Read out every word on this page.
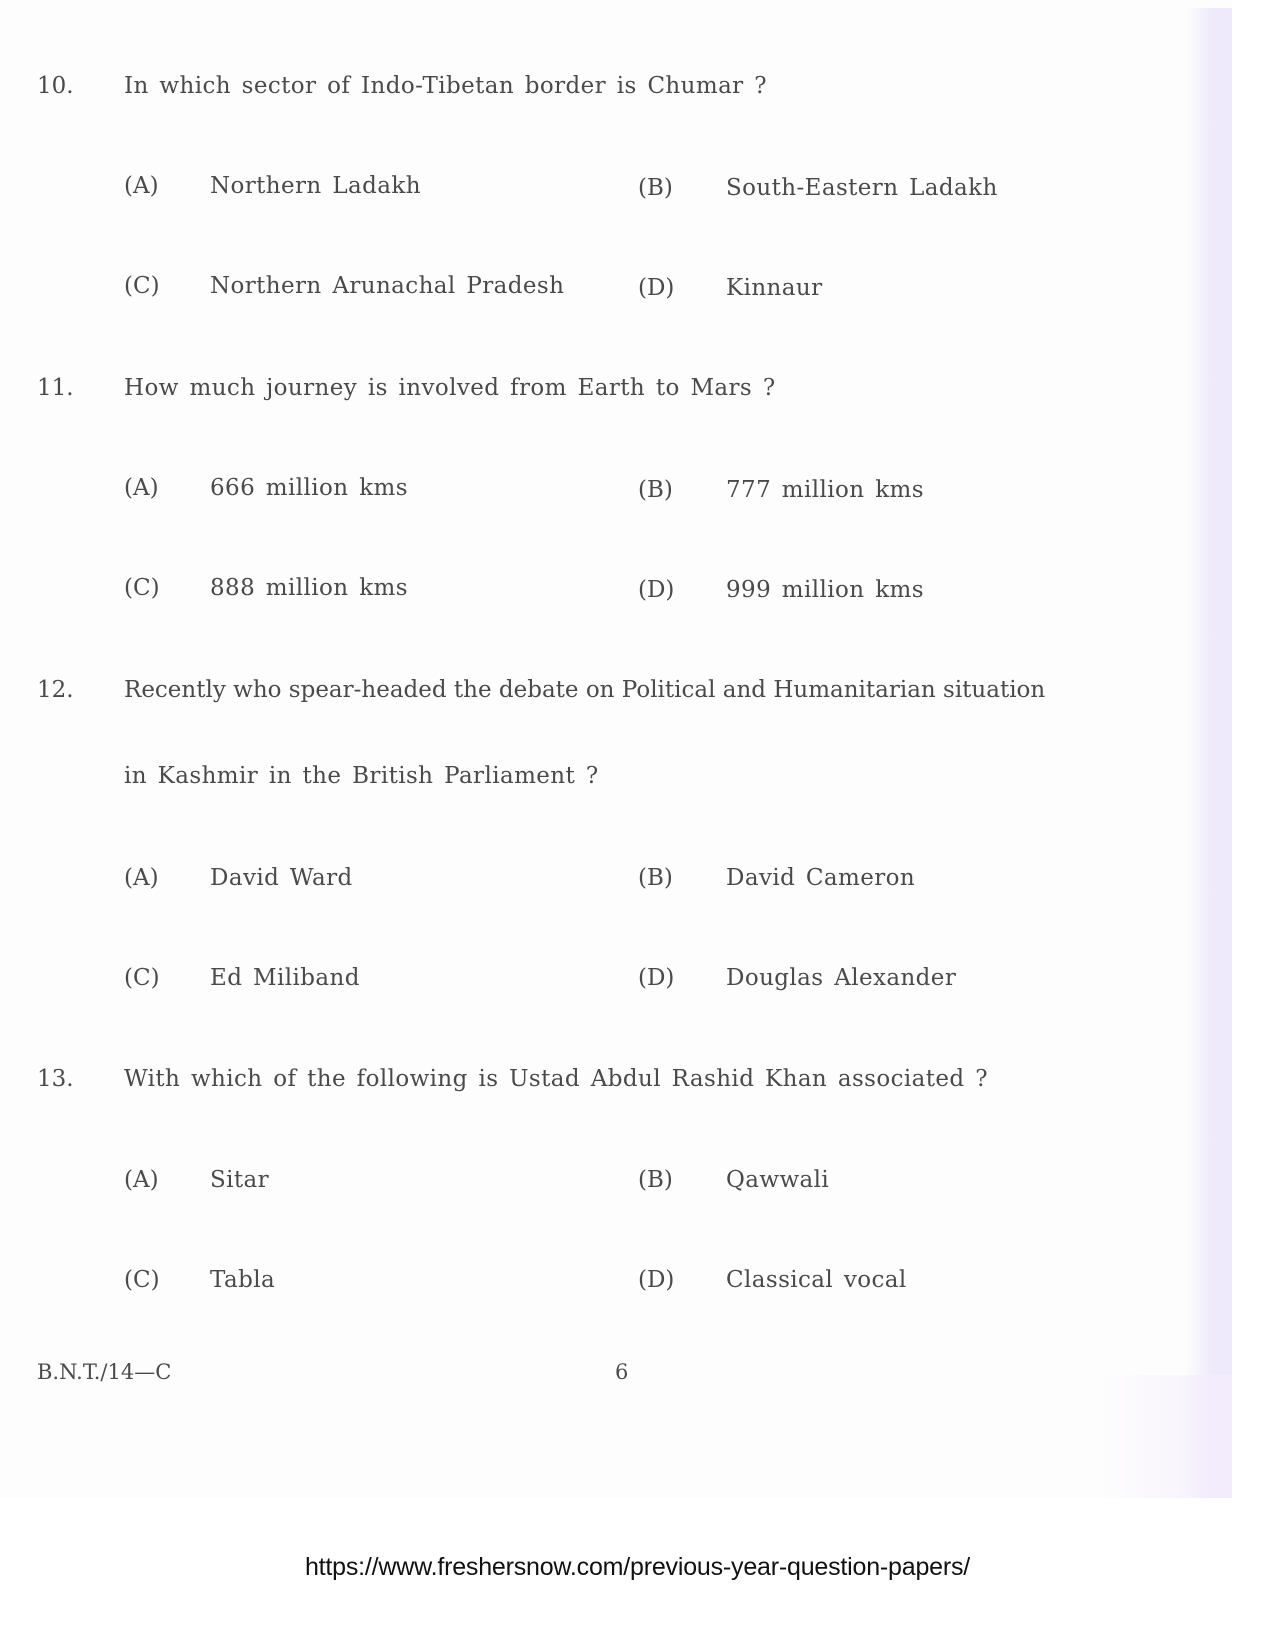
10. In which sector of Indo-Tibetan border is Chumar ?
(A) Northern Ladakh	(B) South-Eastern Ladakh
(C) Northern Arunachal Pradesh	(D) Kinnaur
11. How much journey is involved from Earth to Mars ?
(A) 666 million kms	(B) 777 million kms
(C) 888 million kms	(D) 999 million kms
12. Recently who spear-headed the debate on Political and Humanitarian situation
in Kashmir in the British Parliament ?
(A) David Ward	(B) David Cameron
(C) Ed Miliband	(D) Douglas Alexander
13. With which of the following is Ustad Abdul Rashid Khan associated ?
(A) Sitar	(B) Qawwali
(C) Tabla	(D) Classical vocal
B.N.T./14—C	6
https://www.freshersnow.com/previous-year-question-papers/
